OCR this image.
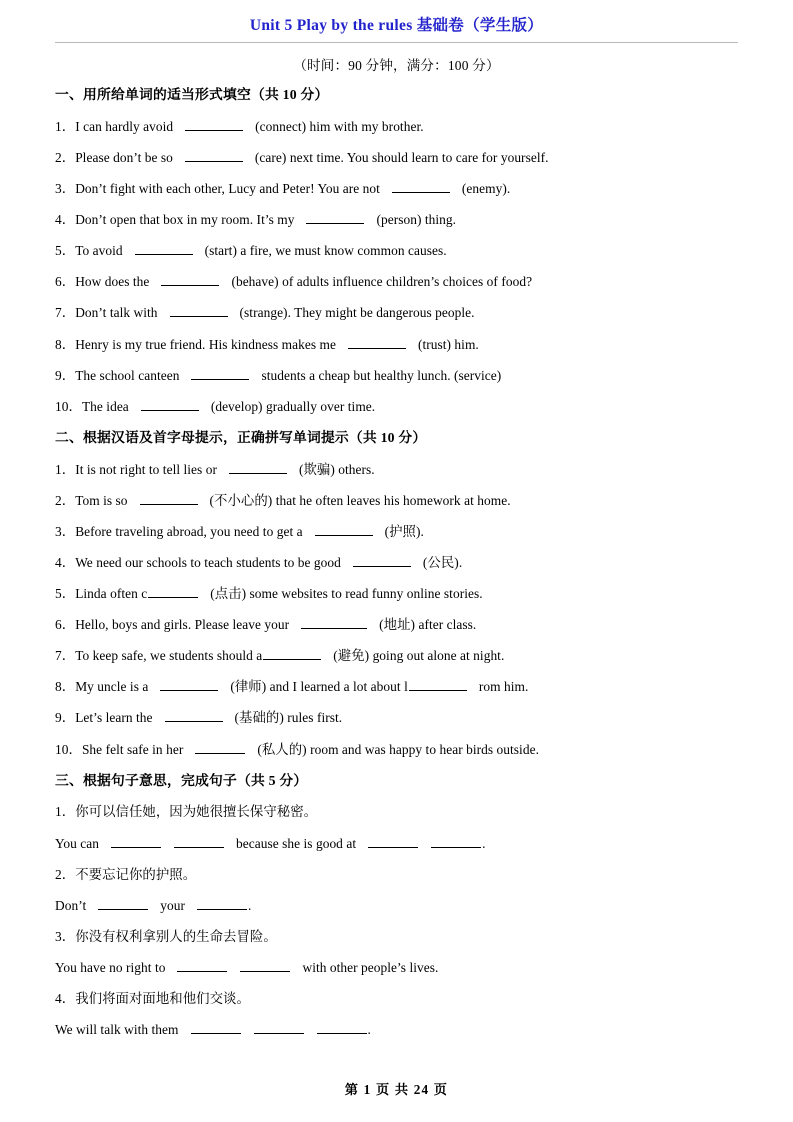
Unit 5 Play by the rules 基础卷（学生版）
（时间：90 分钟，满分：100 分）
一、用所给单词的适当形式填空（共 10 分）
1．I can hardly avoid	(connect) him with my brother.
2．Please don’t be so	(care) next time. You should learn to care for yourself.
3．Don’t fight with each other, Lucy and Peter! You are not	(enemy).
4．Don’t open that box in my room. It’s my	(person) thing.
5．To avoid	(start) a fire, we must know common causes.
6．How does the	(behave) of adults influence children’s choices of food?
7．Don’t talk with	(strange). They might be dangerous people.
8．Henry is my true friend. His kindness makes me	(trust) him.
9．The school canteen	students a cheap but healthy lunch. (service)
10．The idea	(develop) gradually over time.
二、根据汉语及首字母提示，正确拼写单词提示（共 10 分）
1．It is not right to tell lies or	(欺骗) others.
2．Tom is so	(不小心的) that he often leaves his homework at home.
3．Before traveling abroad, you need to get a	(护照).
4．We need our schools to teach students to be good	(公民).
5．Linda often c	(点击) some websites to read funny online stories.
6．Hello, boys and girls. Please leave your	(地址) after class.
7．To keep safe, we students should a	(避免) going out alone at night.
8．My uncle is a	(律师) and I learned a lot about l	rom him.
9．Let’s learn the	(基础的) rules first.
10．She felt safe in her	(私人的) room and was happy to hear birds outside.
三、根据句子意思，完成句子（共 5 分）
1．你可以信任她，因为她很擅长保守秘密。
You can	because she is good at	.
2．不要忘记你的护照。
Don’t	your	.
3．你没有权利拿别人的生命去冒险。
You have no right to	with other people’s lives.
4．我们将面对面地和他们交谈。
We will talk with them	.
第 1 页 共 24 页
